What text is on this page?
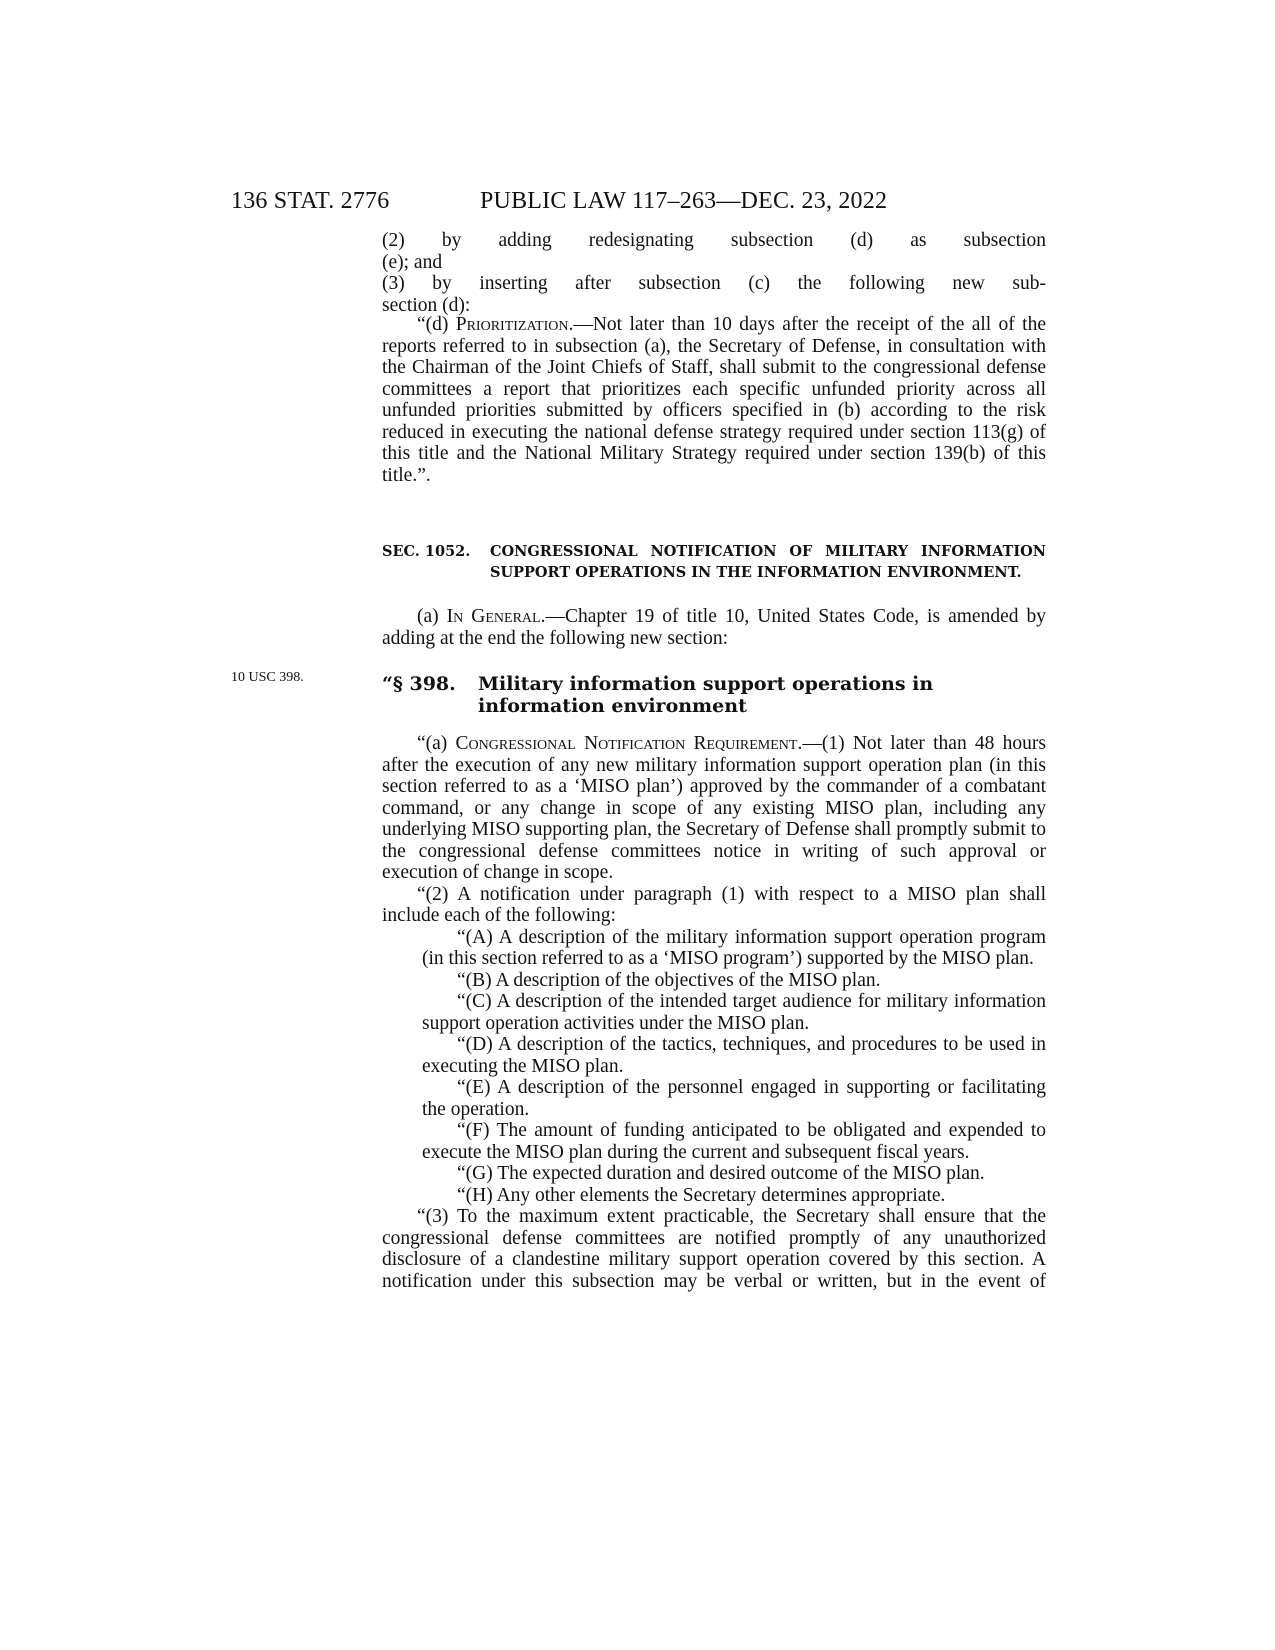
136 STAT. 2776	PUBLIC LAW 117–263—DEC. 23, 2022

(2) by adding redesignating subsection (d) as subsection

(e); and

(3) by inserting after subsection (c) the following new sub-

section (d):

“(d) Prioritization.—Not later than 10 days after the receipt of the all of the reports referred to in subsection (a), the Secretary of Defense, in consultation with the Chairman of the Joint Chiefs of Staff, shall submit to the congressional defense committees a report that prioritizes each specific unfunded priority across all unfunded priorities submitted by officers specified in (b) according to the risk reduced in executing the national defense strategy required under section 113(g) of this title and the National Military Strategy required under section 139(b) of this title.”.

SEC. 1052.	CONGRESSIONAL NOTIFICATION OF MILITARY INFORMATION SUPPORT OPERATIONS IN THE INFORMATION ENVIRONMENT.

(a) In General.—Chapter 19 of title 10, United States Code, is amended by adding at the end the following new section:

10 USC 398.	“§ 398.	Military information support operations in information environment

“(a) Congressional Notification Requirement.—(1) Not later than 48 hours after the execution of any new military information support operation plan (in this section referred to as a ‘MISO plan’) approved by the commander of a combatant command, or any change in scope of any existing MISO plan, including any underlying MISO supporting plan, the Secretary of Defense shall promptly submit to the congressional defense committees notice in writing of such approval or execution of change in scope.

“(2) A notification under paragraph (1) with respect to a MISO plan shall include each of the following:

“(A) A description of the military information support operation program (in this section referred to as a ‘MISO program’) supported by the MISO plan.

“(B) A description of the objectives of the MISO plan.

“(C) A description of the intended target audience for military information support operation activities under the MISO plan.

“(D) A description of the tactics, techniques, and procedures to be used in executing the MISO plan.

“(E) A description of the personnel engaged in supporting or facilitating the operation.

“(F) The amount of funding anticipated to be obligated and expended to execute the MISO plan during the current and subsequent fiscal years.

“(G) The expected duration and desired outcome of the MISO plan.

“(H) Any other elements the Secretary determines appropriate.

“(3) To the maximum extent practicable, the Secretary shall ensure that the congressional defense committees are notified promptly of any unauthorized disclosure of a clandestine military support operation covered by this section. A notification under this subsection may be verbal or written, but in the event of
